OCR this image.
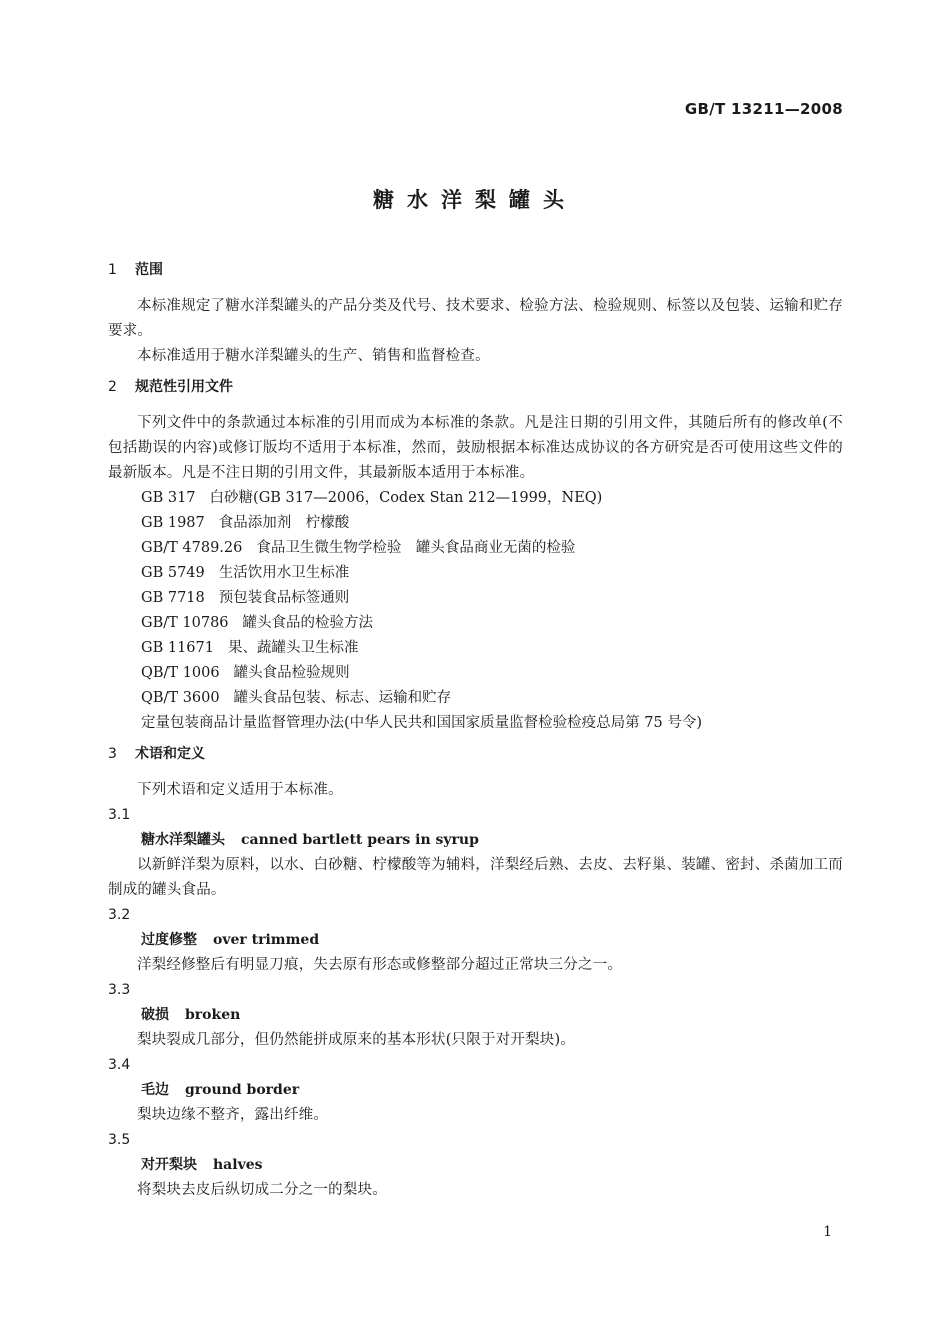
GB/T 13211—2008
糖水洋梨罐头
1 范围
本标准规定了糖水洋梨罐头的产品分类及代号、技术要求、检验方法、检验规则、标签以及包装、运输和贮存要求。
本标准适用于糖水洋梨罐头的生产、销售和监督检查。
2 规范性引用文件
下列文件中的条款通过本标准的引用而成为本标准的条款。凡是注日期的引用文件，其随后所有的修改单(不包括勘误的内容)或修订版均不适用于本标准，然而，鼓励根据本标准达成协议的各方研究是否可使用这些文件的最新版本。凡是不注日期的引用文件，其最新版本适用于本标准。
GB 317 白砂糖(GB 317—2006，Codex Stan 212—1999，NEQ)
GB 1987 食品添加剂　柠檬酸
GB/T 4789.26 食品卫生微生物学检验　罐头食品商业无菌的检验
GB 5749 生活饮用水卫生标准
GB 7718 预包装食品标签通则
GB/T 10786 罐头食品的检验方法
GB 11671 果、蔬罐头卫生标准
QB/T 1006 罐头食品检验规则
QB/T 3600 罐头食品包装、标志、运输和贮存
定量包装商品计量监督管理办法(中华人民共和国国家质量监督检验检疫总局第 75 号令)
3 术语和定义
下列术语和定义适用于本标准。
3.1
糖水洋梨罐头 canned bartlett pears in syrup
以新鲜洋梨为原料，以水、白砂糖、柠檬酸等为辅料，洋梨经后熟、去皮、去籽巢、装罐、密封、杀菌加工而制成的罐头食品。
3.2
过度修整 over trimmed
洋梨经修整后有明显刀痕，失去原有形态或修整部分超过正常块三分之一。
3.3
破损 broken
梨块裂成几部分，但仍然能拼成原来的基本形状(只限于对开梨块)。
3.4
毛边 ground border
梨块边缘不整齐，露出纤维。
3.5
对开梨块 halves
将梨块去皮后纵切成二分之一的梨块。
1
